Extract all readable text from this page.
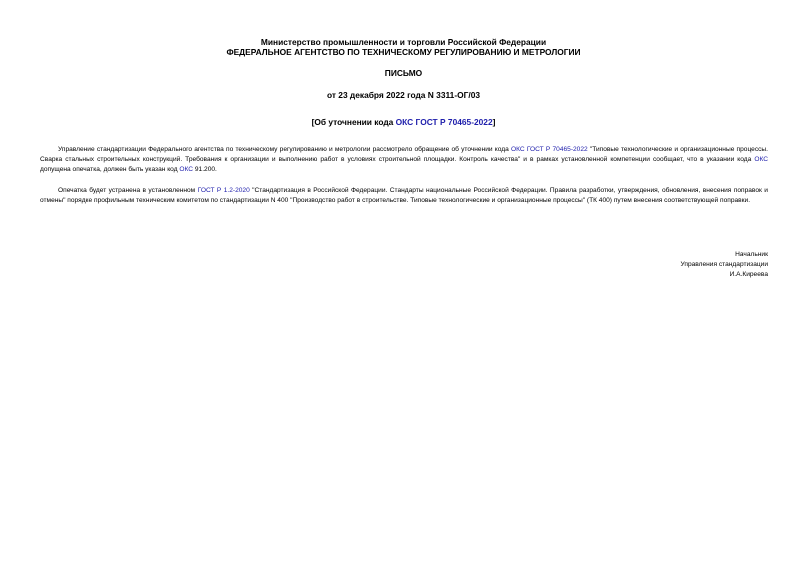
Министерство промышленности и торговли Российской Федерации
ФЕДЕРАЛЬНОЕ АГЕНТСТВО ПО ТЕХНИЧЕСКОМУ РЕГУЛИРОВАНИЮ И МЕТРОЛОГИИ
ПИСЬМО
от 23 декабря 2022 года N 3311-ОГ/03
[Об уточнении кода ОКС ГОСТ Р 70465-2022]
Управление стандартизации Федерального агентства по техническому регулированию и метрологии рассмотрело обращение об уточнении кода ОКС ГОСТ Р 70465-2022 "Типовые технологические и организационные процессы. Сварка стальных строительных конструкций. Требования к организации и выполнению работ в условиях строительной площадки. Контроль качества" и в рамках установленной компетенции сообщает, что в указании кода ОКС допущена опечатка, должен быть указан код ОКС 91.200.
Опечатка будет устранена в установленном ГОСТ Р 1.2-2020 "Стандартизация в Российской Федерации. Стандарты национальные Российской Федерации. Правила разработки, утверждения, обновления, внесения поправок и отмены" порядке профильным техническим комитетом по стандартизации N 400 "Производство работ в строительстве. Типовые технологические и организационные процессы" (ТК 400) путем внесения соответствующей поправки.
Начальник
Управления стандартизации
И.А.Киреева
